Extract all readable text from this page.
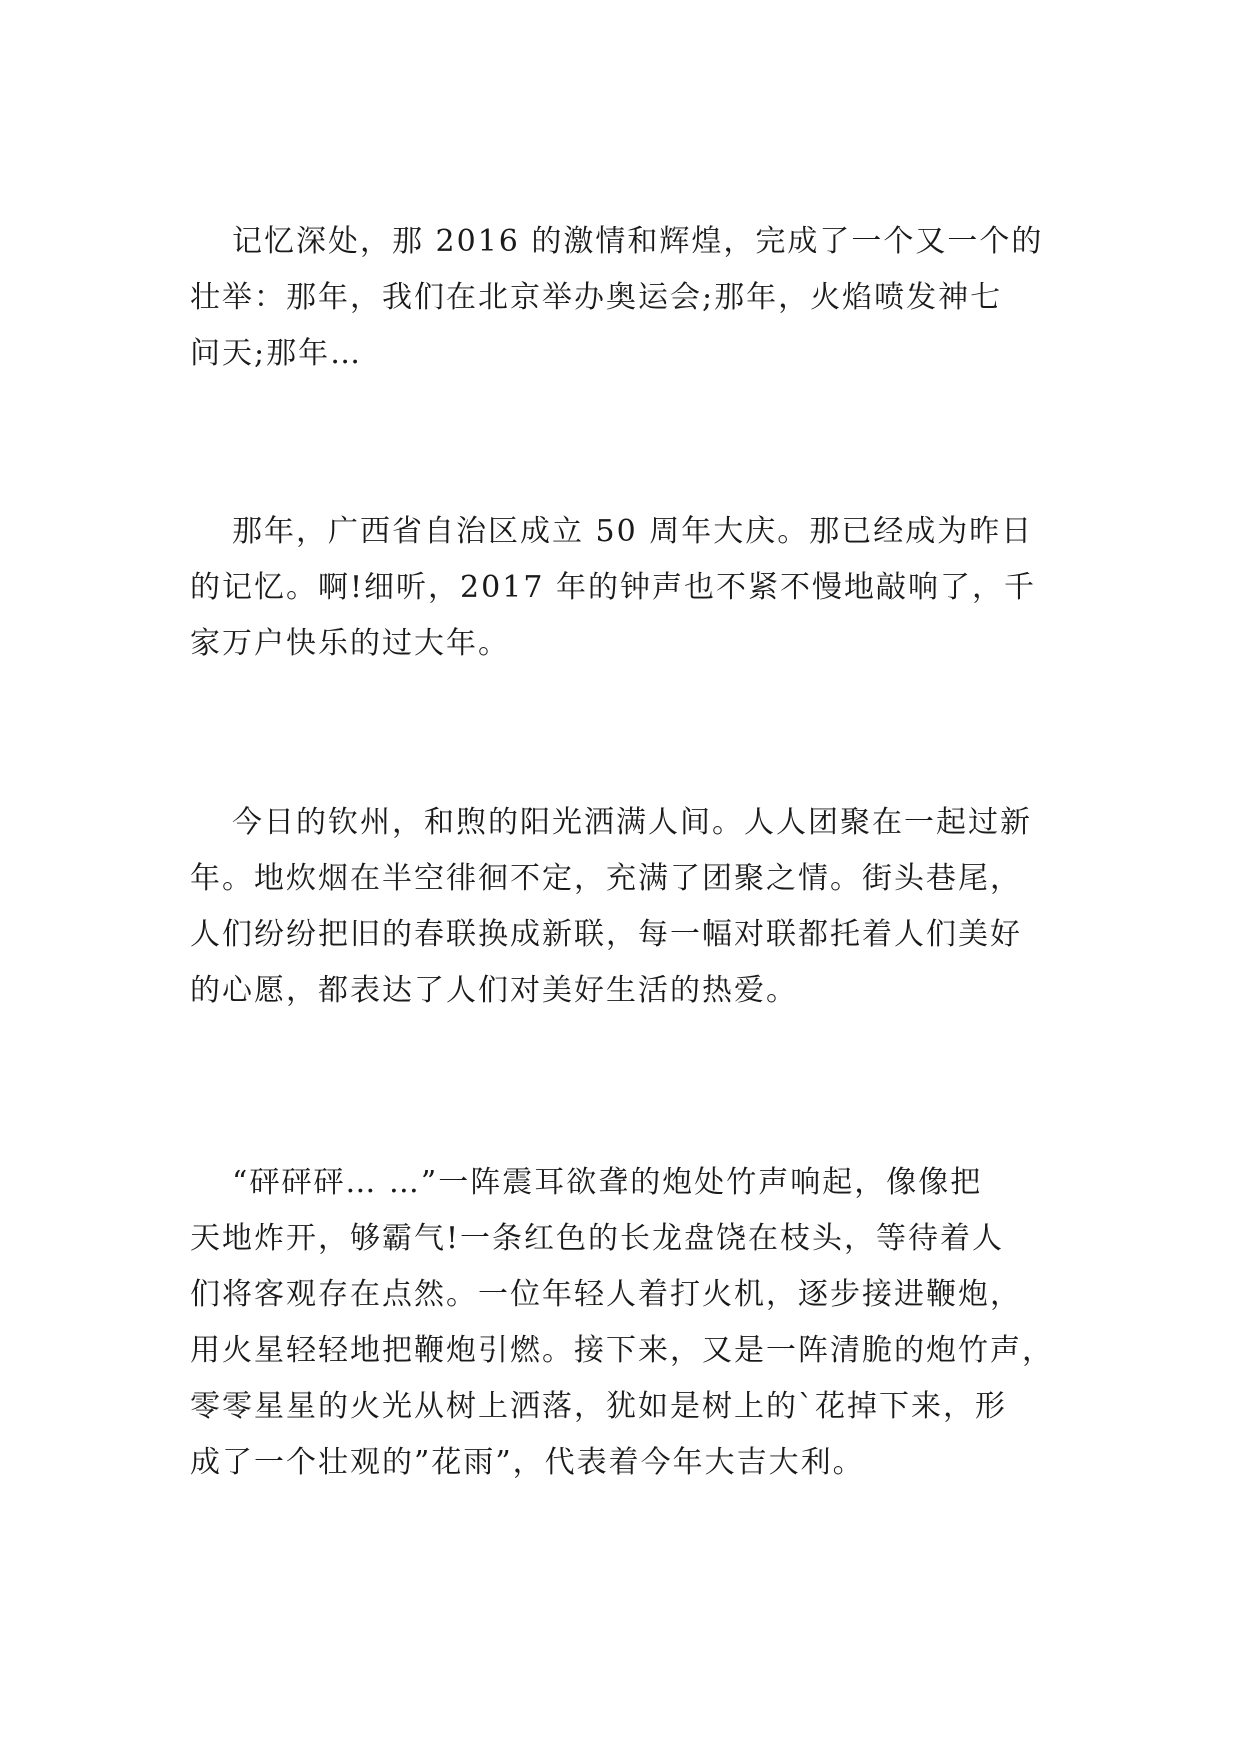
记忆深处，那 2016 的激情和辉煌，完成了一个又一个的
壮举：那年，我们在北京举办奥运会;那年，火焰喷发神七
问天;那年…
那年，广西省自治区成立 50 周年大庆。那已经成为昨日
的记忆。啊!细听，2017 年的钟声也不紧不慢地敲响了，千
家万户快乐的过大年。
今日的钦州，和煦的阳光洒满人间。人人团聚在一起过新
年。地炊烟在半空徘徊不定，充满了团聚之情。街头巷尾，
人们纷纷把旧的春联换成新联，每一幅对联都托着人们美好
的心愿，都表达了人们对美好生活的热爱。
“砰砰砰… …”一阵震耳欲聋的炮处竹声响起，像像把
天地炸开，够霸气!一条红色的长龙盘饶在枝头，等待着人
们将客观存在点然。一位年轻人着打火机，逐步接进鞭炮，
用火星轻轻地把鞭炮引燃。接下来，又是一阵清脆的炮竹声，
零零星星的火光从树上洒落，犹如是树上的`花掉下来，形
成了一个壮观的”花雨”，代表着今年大吉大利。
